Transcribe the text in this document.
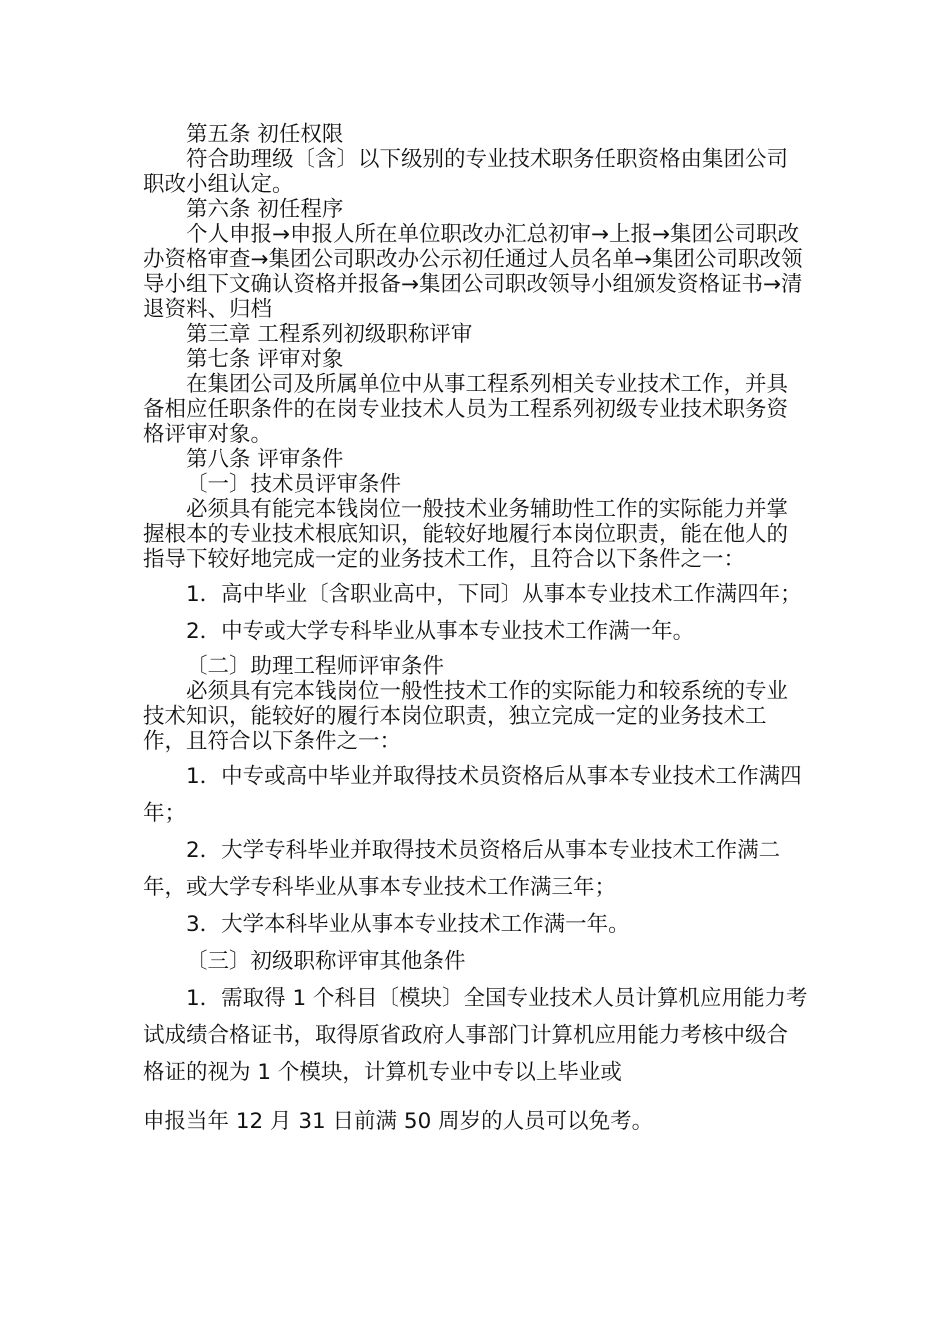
第五条 初任权限

符合助理级〔含〕以下级别的专业技术职务任职资格由集团公司职改小组认定。

第六条 初任程序

个人申报→申报人所在单位职改办汇总初审→上报→集团公司职改办资格审查→集团公司职改办公示初任通过人员名单→集团公司职改领导小组下文确认资格并报备→集团公司职改领导小组颁发资格证书→清退资料、归档

第三章 工程系列初级职称评审

第七条 评审对象

在集团公司及所属单位中从事工程系列相关专业技术工作，并具备相应任职条件的在岗专业技术人员为工程系列初级专业技术职务资格评审对象。

第八条 评审条件

〔一〕技术员评审条件

必须具有能完本钱岗位一般技术业务辅助性工作的实际能力并掌握根本的专业技术根底知识，能较好地履行本岗位职责，能在他人的指导下较好地完成一定的业务技术工作，且符合以下条件之一：

1．高中毕业〔含职业高中，下同〕从事本专业技术工作满四年；

2．中专或大学专科毕业从事本专业技术工作满一年。

〔二〕助理工程师评审条件

必须具有完本钱岗位一般性技术工作的实际能力和较系统的专业技术知识，能较好的履行本岗位职责，独立完成一定的业务技术工作，且符合以下条件之一：

1．中专或高中毕业并取得技术员资格后从事本专业技术工作满四年；

2．大学专科毕业并取得技术员资格后从事本专业技术工作满二年，或大学专科毕业从事本专业技术工作满三年；

3．大学本科毕业从事本专业技术工作满一年。

〔三〕初级职称评审其他条件

1．需取得 1 个科目〔模块〕全国专业技术人员计算机应用能力考试成绩合格证书，取得原省政府人事部门计算机应用能力考核中级合格证的视为 1 个模块，计算机专业中专以上毕业或
申报当年 12 月 31 日前满 50 周岁的人员可以免考。
